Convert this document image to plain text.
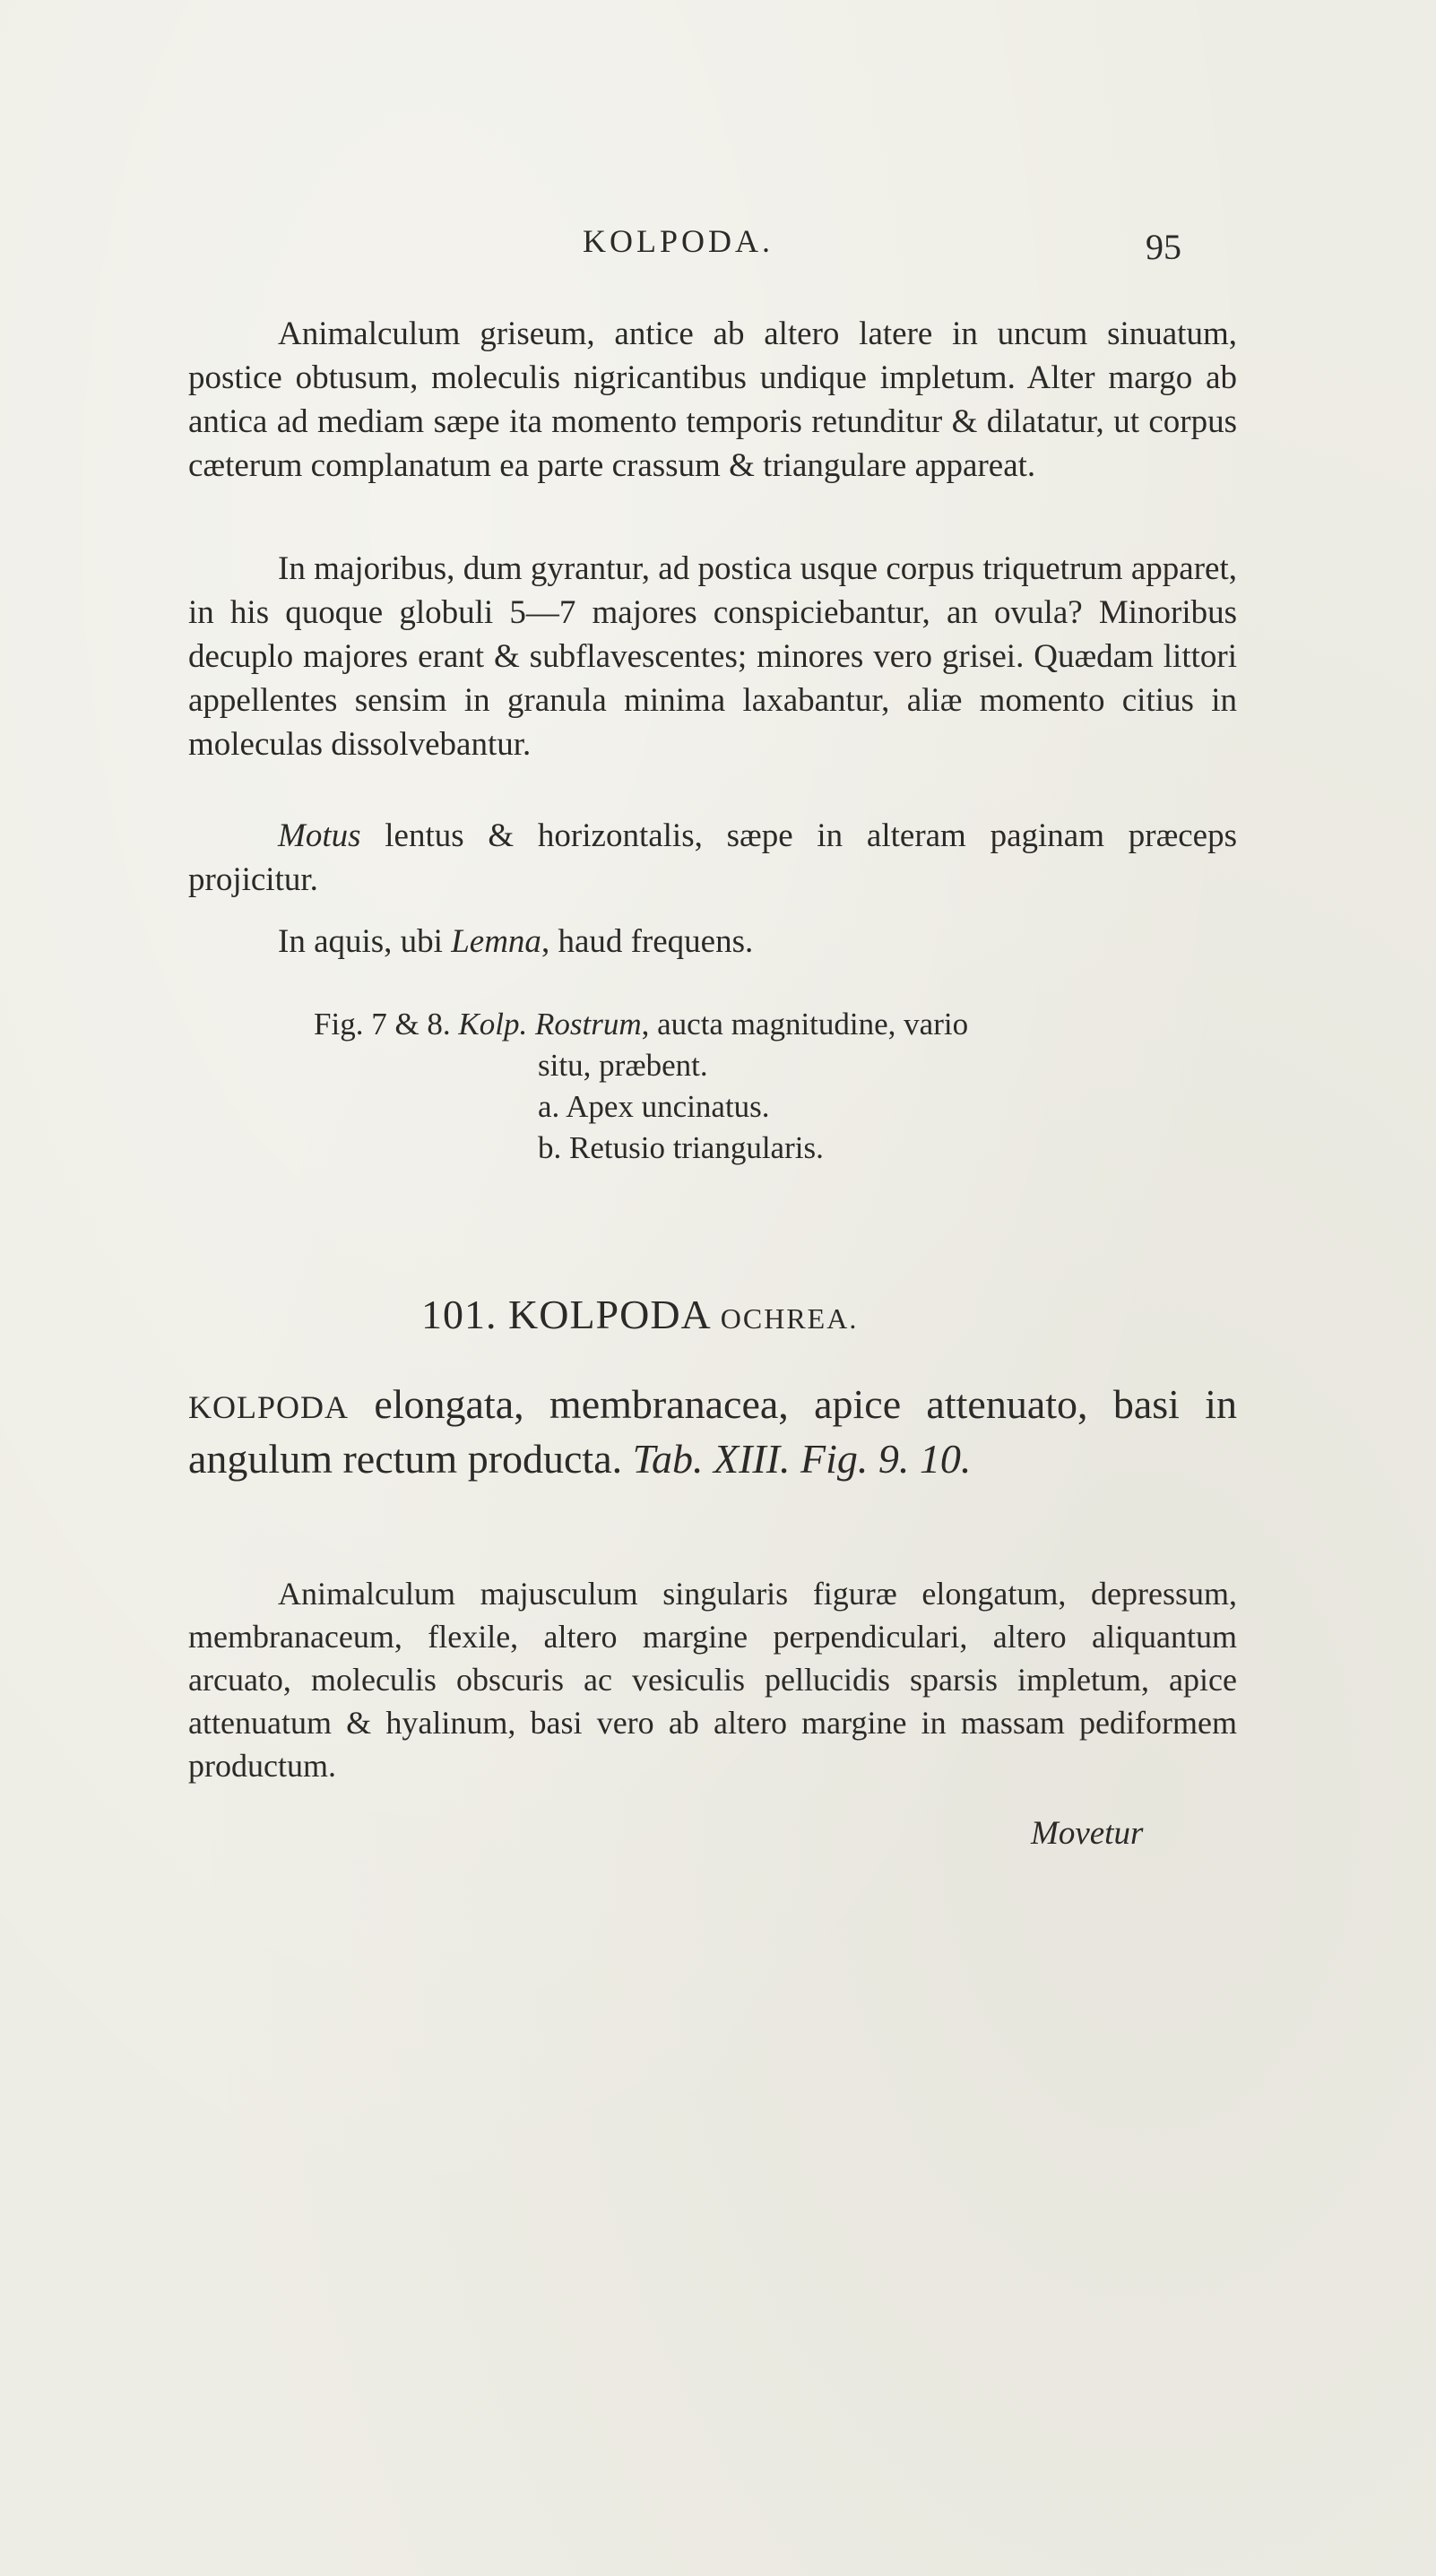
KOLPODA.	95

Animalculum griseum, antice ab altero latere in uncum sinuatum, postice obtusum, moleculis nigricantibus undique impletum. Alter margo ab antica ad mediam sæpe ita momento temporis retunditur & dilatatur, ut corpus cæterum complanatum ea parte crassum & triangulare appareat.

In majoribus, dum gyrantur, ad postica usque corpus triquetrum apparet, in his quoque globuli 5—7 majores conspiciebantur, an ovula? Minoribus decuplo majores erant & subflavescentes; minores vero grisei. Quædam littori appellentes sensim in granula minima laxabantur, aliæ momento citius in moleculas dissolvebantur.

Motus lentus & horizontalis, sæpe in alteram paginam præceps projicitur.

In aquis, ubi Lemna, haud frequens.

Fig. 7 & 8. Kolp. Rostrum, aucta magnitudine, vario
situ, præbent.
a. Apex uncinatus.
b. Retusio triangularis.
101. KOLPODA OCHREA.

KOLPODA elongata, membranacea, apice attenuato, basi in angulum rectum producta. Tab. XIII. Fig. 9. 10.

Animalculum majusculum singularis figuræ elongatum, depressum, membranaceum, flexile, altero margine perpendiculari, altero aliquantum arcuato, moleculis obscuris ac vesiculis pellucidis sparsis impletum, apice attenuatum & hyalinum, basi vero ab altero margine in massam pediformem productum.

Movetur
